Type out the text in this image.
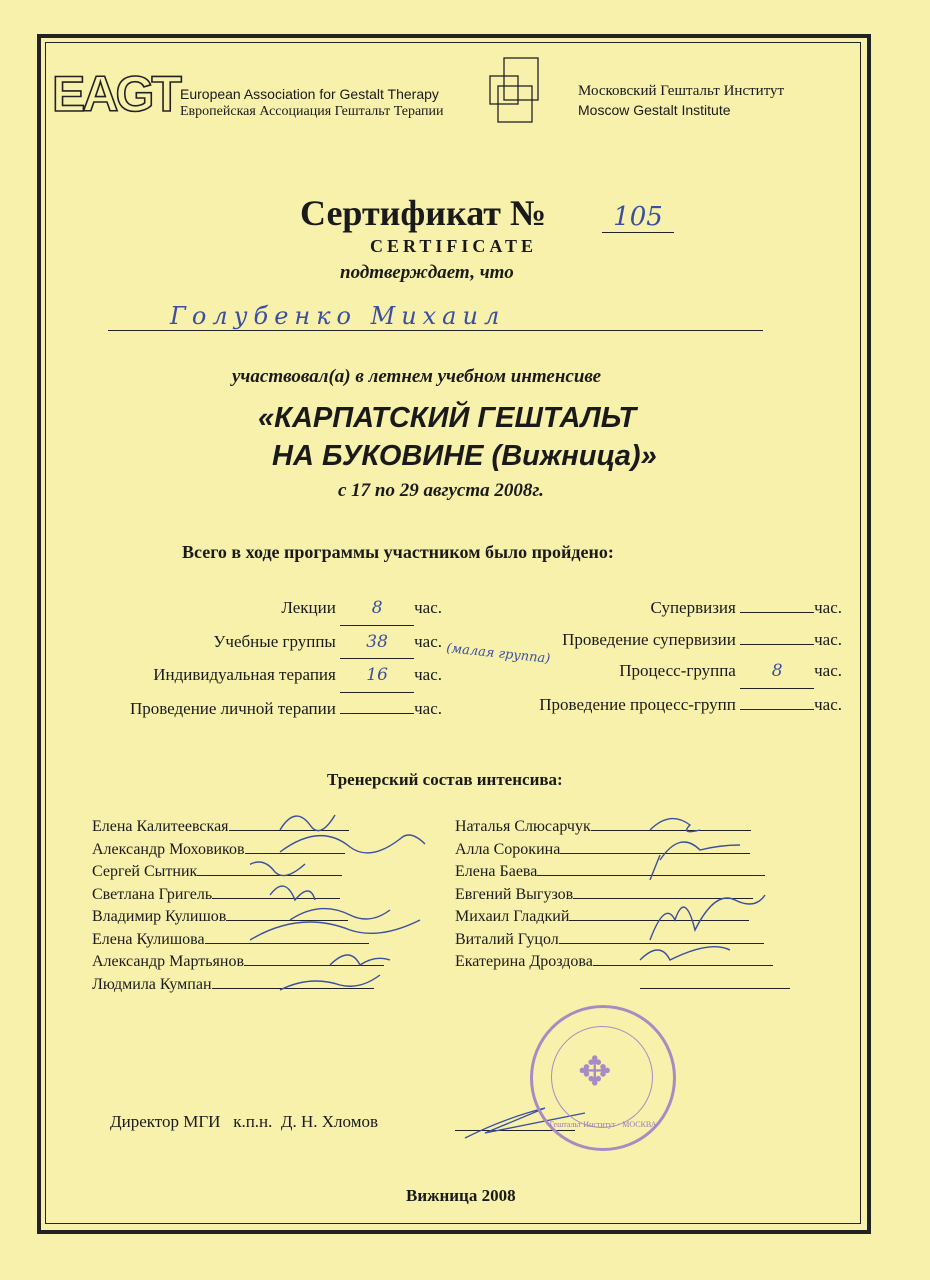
EAGT European Association for Gestalt Therapy
Европейская Ассоциация Гештальт Терапии
Московский Гештальт Институт
Moscow Gestalt Institute
Сертификат №	105
CERTIFICATE
подтверждает, что
Голубенко Михаил
участвовал(а) в летнем учебном интенсиве
«КАРПАТСКИЙ ГЕШТАЛЬТ
НА БУКОВИНЕ (Вижница)»
с 17 по 29 августа 2008г.
Всего в ходе программы участником было пройдено:
Лекции 8 час.
Учебные группы 38 час.
Индивидуальная терапия 16 час.
Проведение личной терапии	час.
(малая группа)
Супервизия	час.
Проведение супервизии	час.
Процесс-группа 8 час.
Проведение процесс-групп	час.
Тренерский состав интенсива:
Елена Калитеевская
Александр Моховиков
Сергей Сытник
Светлана Григель
Владимир Кулишов
Елена Кулишова
Александр Мартьянов
Людмила Кумпан
Наталья Слюсарчук
Алла Сорокина
Елена Баева
Евгений Выгузов
Михаил Гладкий
Виталий Гуцол
Екатерина Дроздова
Директор МГИ   к.п.н.  Д. Н. Хломов
✥
Гештальт Институт · МОСКВА
Вижница 2008
